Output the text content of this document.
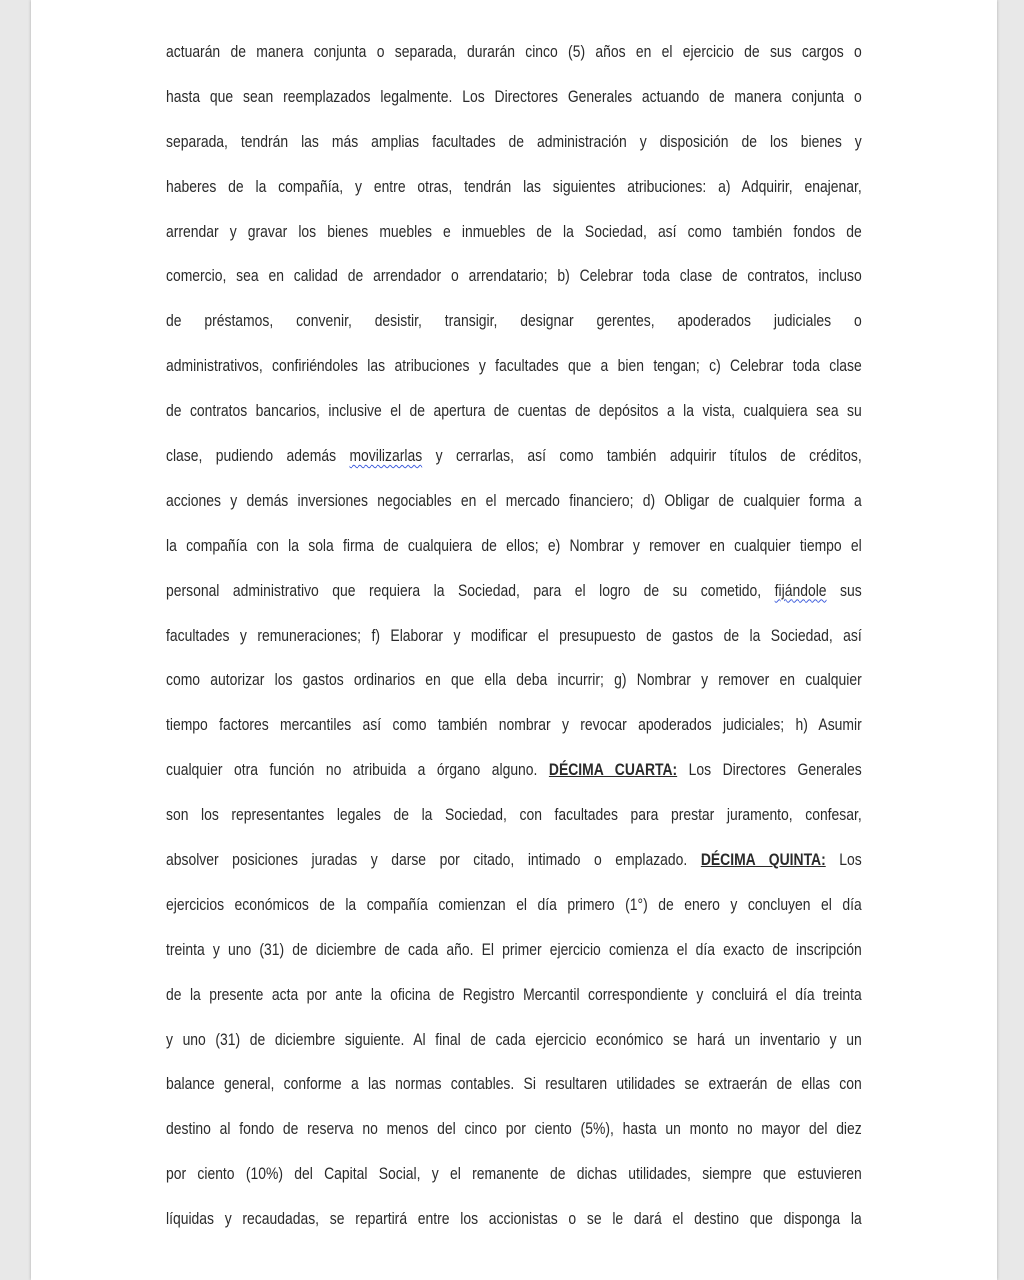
actuarán de manera conjunta o separada, durarán cinco (5) años en el ejercicio de sus cargos o
hasta que sean reemplazados legalmente. Los Directores Generales actuando de manera conjunta o
separada, tendrán las más amplias facultades de administración y disposición de los bienes y
haberes de la compañía, y entre otras, tendrán las siguientes atribuciones: a) Adquirir, enajenar,
arrendar y gravar los bienes muebles e inmuebles de la Sociedad, así como también fondos de
comercio, sea en calidad de arrendador o arrendatario; b) Celebrar toda clase de contratos, incluso
de préstamos, convenir, desistir, transigir, designar gerentes, apoderados judiciales o
administrativos, confiriéndoles las atribuciones y facultades que a bien tengan; c) Celebrar toda clase
de contratos bancarios, inclusive el de apertura de cuentas de depósitos a la vista, cualquiera sea su
clase, pudiendo además movilizarlas y cerrarlas, así como también adquirir títulos de créditos,
acciones y demás inversiones negociables en el mercado financiero; d) Obligar de cualquier forma a
la compañía con la sola firma de cualquiera de ellos; e) Nombrar y remover en cualquier tiempo el
personal administrativo que requiera la Sociedad, para el logro de su cometido, fijándole sus
facultades y remuneraciones; f) Elaborar y modificar el presupuesto de gastos de la Sociedad, así
como autorizar los gastos ordinarios en que ella deba incurrir; g) Nombrar y remover en cualquier
tiempo factores mercantiles así como también nombrar y revocar apoderados judiciales; h) Asumir
cualquier otra función no atribuida a órgano alguno. DÉCIMA CUARTA: Los Directores Generales
son los representantes legales de la Sociedad, con facultades para prestar juramento, confesar,
absolver posiciones juradas y darse por citado, intimado o emplazado. DÉCIMA QUINTA: Los
ejercicios económicos de la compañía comienzan el día primero (1°) de enero y concluyen el día
treinta y uno (31) de diciembre de cada año. El primer ejercicio comienza el día exacto de inscripción
de la presente acta por ante la oficina de Registro Mercantil correspondiente y concluirá el día treinta
y uno (31) de diciembre siguiente. Al final de cada ejercicio económico se hará un inventario y un
balance general, conforme a las normas contables. Si resultaren utilidades se extraerán de ellas con
destino al fondo de reserva no menos del cinco por ciento (5%), hasta un monto no mayor del diez
por ciento (10%) del Capital Social, y el remanente de dichas utilidades, siempre que estuvieren
líquidas y recaudadas, se repartirá entre los accionistas o se le dará el destino que disponga la
